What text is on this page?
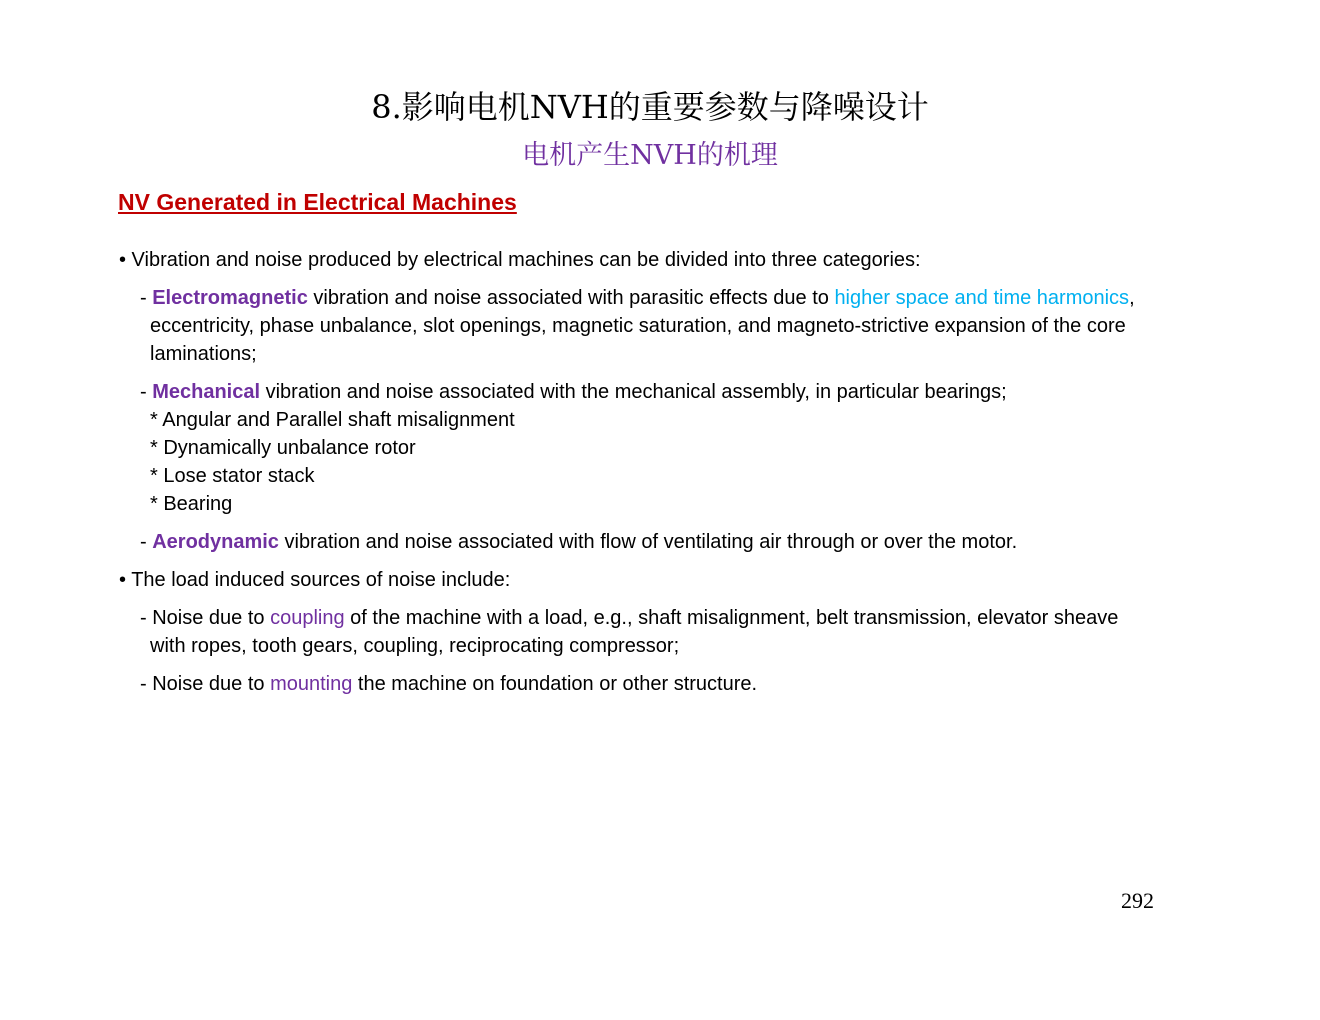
8.影响电机NVH的重要参数与降噪设计
电机产生NVH的机理
NV Generated in Electrical Machines
• Vibration and noise produced by electrical machines can be divided into three categories:
- Electromagnetic vibration and noise associated with parasitic effects due to higher space and time harmonics,
eccentricity, phase unbalance, slot openings, magnetic saturation, and magneto-strictive expansion of the core
laminations;
- Mechanical vibration and noise associated with the mechanical assembly, in particular bearings;
* Angular and Parallel shaft misalignment
* Dynamically unbalance rotor
* Lose stator stack
* Bearing
- Aerodynamic vibration and noise associated with flow of ventilating air through or over the motor.
• The load induced sources of noise include:
- Noise due to coupling of the machine with a load, e.g., shaft misalignment, belt transmission, elevator sheave
with ropes, tooth gears, coupling, reciprocating compressor;
- Noise due to mounting the machine on foundation or other structure.
292
